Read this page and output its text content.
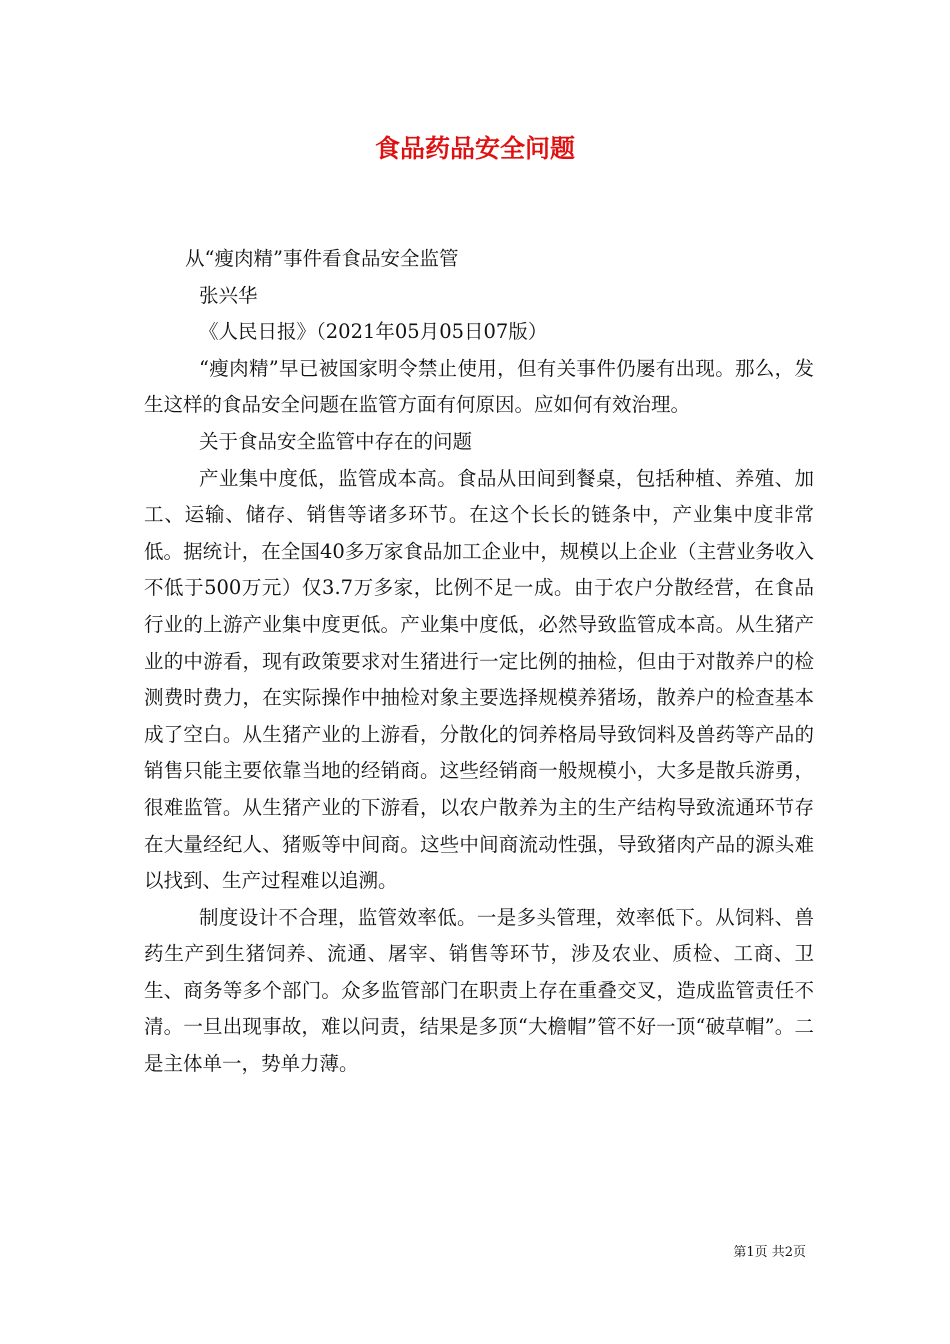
食品药品安全问题

从“瘦肉精”事件看食品安全监管

张兴华

《人民日报》（2021年05月05日07版）

“瘦肉精”早已被国家明令禁止使用，但有关事件仍屡有出现。那么，发生这样的食品安全问题在监管方面有何原因。应如何有效治理。

关于食品安全监管中存在的问题

产业集中度低，监管成本高。食品从田间到餐桌，包括种植、养殖、加工、运输、储存、销售等诸多环节。在这个长长的链条中，产业集中度非常低。据统计，在全国40多万家食品加工企业中，规模以上企业（主营业务收入不低于500万元）仅3.7万多家，比例不足一成。由于农户分散经营，在食品行业的上游产业集中度更低。产业集中度低，必然导致监管成本高。从生猪产业的中游看，现有政策要求对生猪进行一定比例的抽检，但由于对散养户的检测费时费力，在实际操作中抽检对象主要选择规模养猪场，散养户的检查基本成了空白。从生猪产业的上游看，分散化的饲养格局导致饲料及兽药等产品的销售只能主要依靠当地的经销商。这些经销商一般规模小，大多是散兵游勇，很难监管。从生猪产业的下游看，以农户散养为主的生产结构导致流通环节存在大量经纪人、猪贩等中间商。这些中间商流动性强，导致猪肉产品的源头难以找到、生产过程难以追溯。

制度设计不合理，监管效率低。一是多头管理，效率低下。从饲料、兽药生产到生猪饲养、流通、屠宰、销售等环节，涉及农业、质检、工商、卫生、商务等多个部门。众多监管部门在职责上存在重叠交叉，造成监管责任不清。一旦出现事故，难以问责，结果是多顶“大檐帽”管不好一顶“破草帽”。二是主体单一，势单力薄。

第1页 共2页
